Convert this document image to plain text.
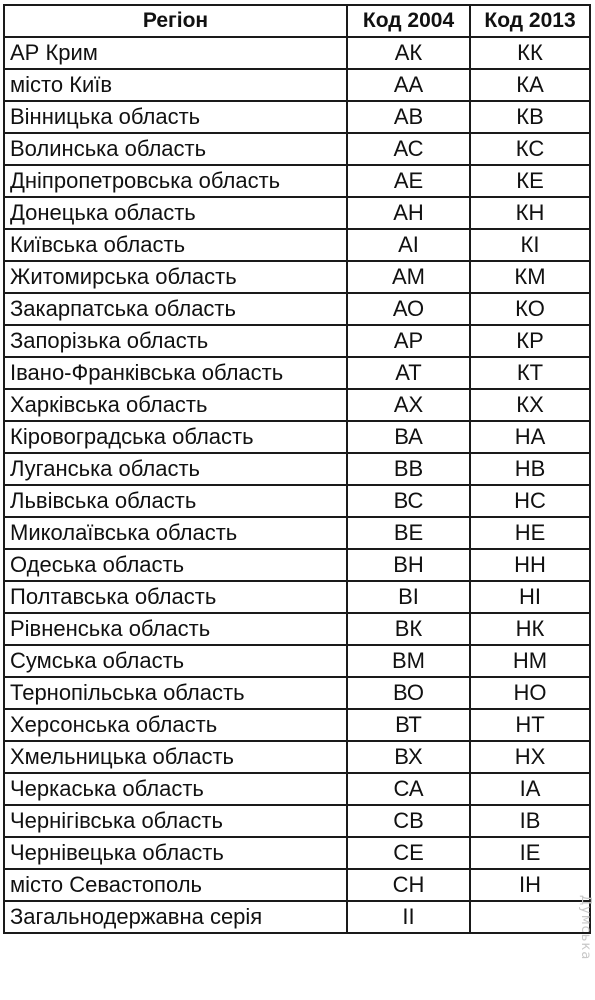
Регіон	Код 2004	Код 2013
АР Крим	АК	КК
місто Київ	АА	КА
Вінницька область	АВ	КВ
Волинська область	АС	КС
Дніпропетровська область	АЕ	КЕ
Донецька область	АН	КН
Київська область	АІ	КІ
Житомирська область	АМ	КМ
Закарпатська область	АО	КО
Запорізька область	АР	КР
Івано-Франківська область	АТ	КТ
Харківська область	АХ	КХ
Кіровоградська область	ВА	НА
Луганська область	ВВ	НВ
Львівська область	ВС	НС
Миколаївська область	ВЕ	НЕ
Одеська область	ВН	НН
Полтавська область	ВІ	НІ
Рівненська область	ВК	НК
Сумська область	ВМ	НМ
Тернопільська область	ВО	НО
Херсонська область	ВТ	НТ
Хмельницька область	ВХ	НХ
Черкаська область	СА	ІА
Чернігівська область	СВ	ІВ
Чернівецька область	СЕ	ІЕ
місто Севастополь	СН	ІН
Загальнодержавна серія	ІІ		Думська
